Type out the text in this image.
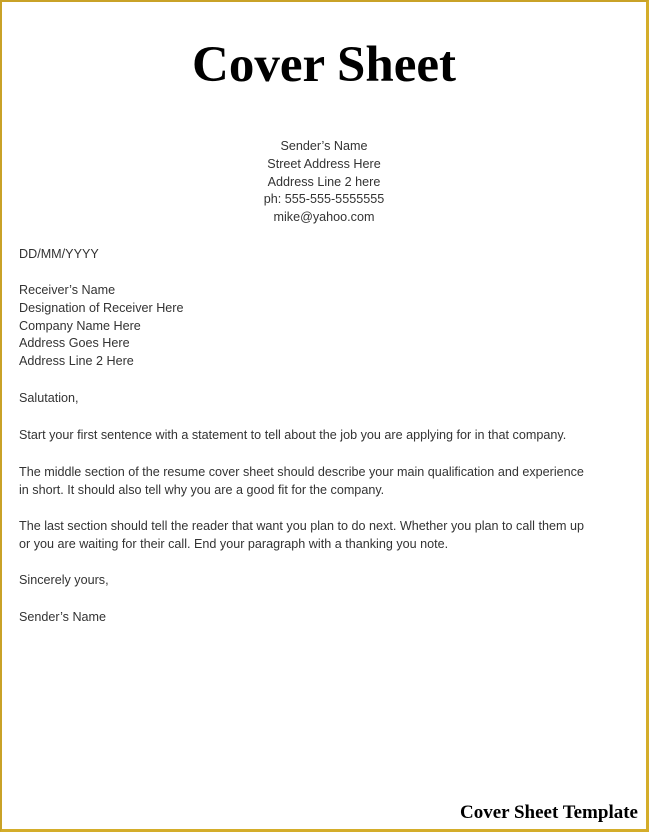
Cover Sheet
Sender’s Name
Street Address Here
Address Line 2 here
ph: 555-555-5555555
mike@yahoo.com
DD/MM/YYYY
Receiver’s Name
Designation of Receiver Here
Company Name Here
Address Goes Here
Address Line 2 Here
Salutation,
Start your first sentence with a statement to tell about the job you are applying for in that company.
The middle section of the resume cover sheet should describe your main qualification and experience
in short. It should also tell why you are a good fit for the company.
The last section should tell the reader that want you plan to do next. Whether you plan to call them up
or you are waiting for their call. End your paragraph with a thanking you note.
Sincerely yours,
Sender’s Name
Cover Sheet Template
